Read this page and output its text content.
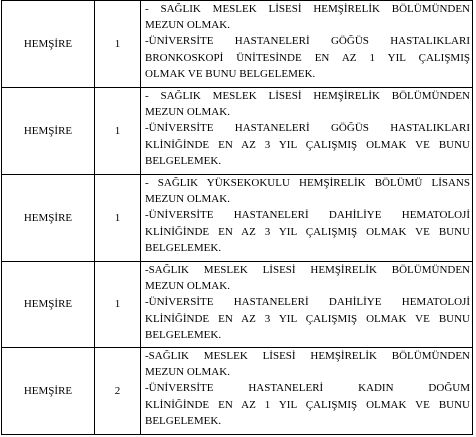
HEMŞİRE	1	- SAĞLIK MESLEK LİSESİ HEMŞİRELİK BÖLÜMÜNDEN
MEZUN OLMAK.
-ÜNİVERSİTE HASTANELERİ GÖĞÜS HASTALIKLARI
BRONKOSKOPİ ÜNİTESİNDE EN AZ 1 YIL ÇALIŞMIŞ
OLMAK VE BUNU BELGELEMEK.

HEMŞİRE	1	- SAĞLIK MESLEK LİSESİ HEMŞİRELİK BÖLÜMÜNDEN
MEZUN OLMAK.
-ÜNİVERSİTE HASTANELERİ GÖĞÜS HASTALIKLARI
KLİNİĞİNDE EN AZ 3 YIL ÇALIŞMIŞ OLMAK VE BUNU
BELGELEMEK.

HEMŞİRE	1	- SAĞLIK YÜKSEKOKULU HEMŞİRELİK BÖLÜMÜ LİSANS
MEZUN OLMAK.
-ÜNİVERSİTE HASTANELERİ DAHİLİYE HEMATOLOJİ
KLİNİĞİNDE EN AZ 3 YIL ÇALIŞMIŞ OLMAK VE BUNU
BELGELEMEK.

HEMŞİRE	1	-SAĞLIK MESLEK LİSESİ HEMŞİRELİK BÖLÜMÜNDEN
MEZUN OLMAK.
-ÜNİVERSİTE HASTANELERİ DAHİLİYE HEMATOLOJİ
KLİNİĞİNDE EN AZ 3 YIL ÇALIŞMIŞ OLMAK VE BUNU
BELGELEMEK.

HEMŞİRE	2	-SAĞLIK MESLEK LİSESİ HEMŞİRELİK BÖLÜMÜNDEN
MEZUN OLMAK.
-ÜNİVERSİTE HASTANELERİ KADIN DOĞUM
KLİNİĞİNDE EN AZ 1 YIL ÇALIŞMIŞ OLMAK VE BUNU
BELGELEMEK.
